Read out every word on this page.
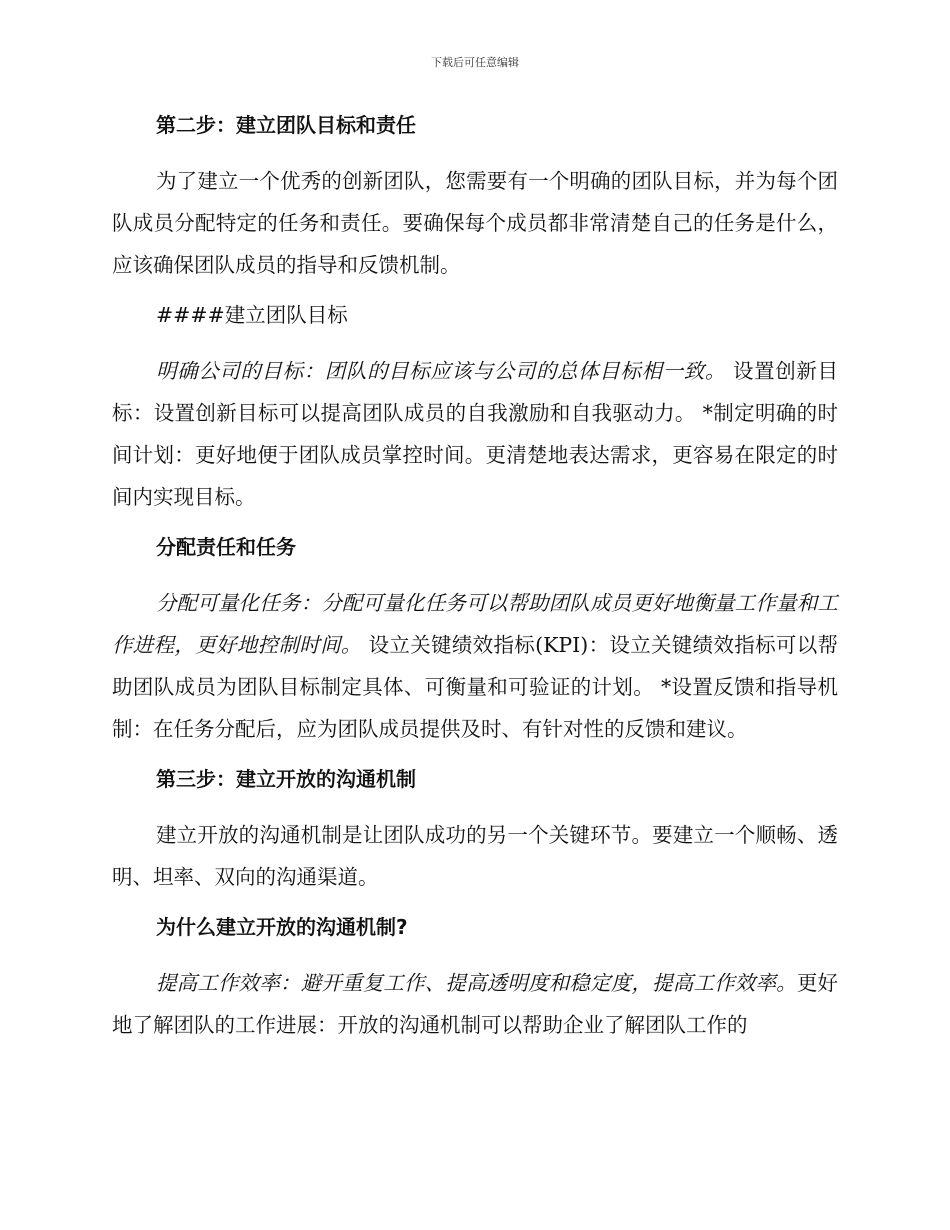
下载后可任意编辑
第二步：建立团队目标和责任
为了建立一个优秀的创新团队，您需要有一个明确的团队目标，并为每个团队成员分配特定的任务和责任。要确保每个成员都非常清楚自己的任务是什么，应该确保团队成员的指导和反馈机制。
####建立团队目标
明确公司的目标：团队的目标应该与公司的总体目标相一致。 设置创新目标：设置创新目标可以提高团队成员的自我激励和自我驱动力。 *制定明确的时间计划：更好地便于团队成员掌控时间。更清楚地表达需求，更容易在限定的时间内实现目标。
分配责任和任务
分配可量化任务：分配可量化任务可以帮助团队成员更好地衡量工作量和工作进程，更好地控制时间。 设立关键绩效指标(KPI)：设立关键绩效指标可以帮助团队成员为团队目标制定具体、可衡量和可验证的计划。 *设置反馈和指导机制：在任务分配后，应为团队成员提供及时、有针对性的反馈和建议。
第三步：建立开放的沟通机制
建立开放的沟通机制是让团队成功的另一个关键环节。要建立一个顺畅、透明、坦率、双向的沟通渠道。
为什么建立开放的沟通机制?
提高工作效率：避开重复工作、提高透明度和稳定度，提高工作效率。更好地了解团队的工作进展：开放的沟通机制可以帮助企业了解团队工作的
